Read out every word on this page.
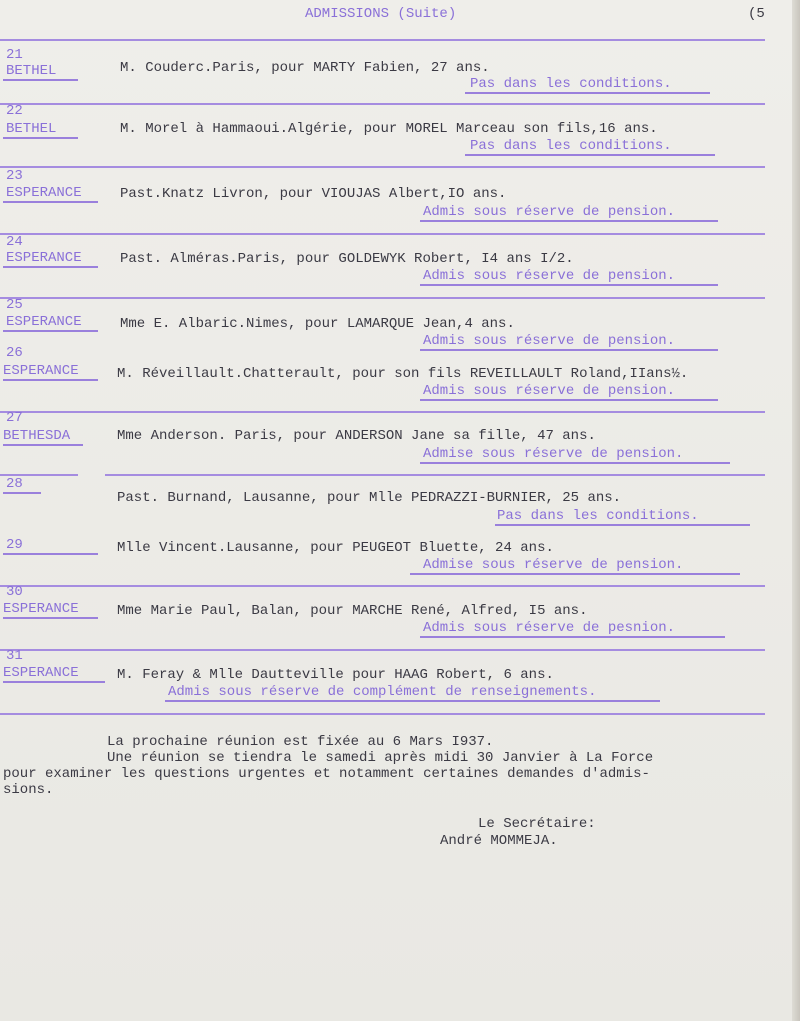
ADMISSIONS (Suite)	(5
21
BETHEL	M. Couderc.Paris, pour MARTY Fabien, 27 ans.
Pas dans les conditions.
22
BETHEL	M. Morel à Hammaoui.Algérie, pour MOREL Marceau son fils,16 ans.
Pas dans les conditions.
23
ESPERANCE	Past.Knatz Livron, pour VIOUJAS Albert,IO ans.
Admis sous réserve de pension.
24
ESPERANCE	Past. Alméras.Paris, pour GOLDEWYK Robert, I4 ans I/2.
Admis sous réserve de pension.
25
ESPERANCE	Mme E. Albaric.Nimes, pour LAMARQUE Jean,4 ans.
Admis sous réserve de pension.
26
ESPERANCE	M. Réveillault.Chatterault, pour son fils REVEILLAULT Roland,IIans½.
Admis sous réserve de pension.
27
BETHESDA	Mme Anderson. Paris, pour ANDERSON Jane sa fille, 47 ans.
Admise sous réserve de pension.
28
Past. Burnand, Lausanne, pour Mlle PEDRAZZI-BURNIER, 25 ans.
Pas dans les conditions.
29	Mlle Vincent.Lausanne, pour PEUGEOT Bluette, 24 ans.
Admise sous réserve de pension.
30
ESPERANCE	Mme Marie Paul, Balan, pour MARCHE René, Alfred, I5 ans.
Admis sous réserve de pesnion.
31
ESPERANCE	M. Feray & Mlle Dautteville pour HAAG Robert, 6 ans.
Admis sous réserve de complément de renseignements.
La prochaine réunion est fixée au 6 Mars I937.
Une réunion se tiendra le samedi après midi 30 Janvier à La Force
pour examiner les questions urgentes et notamment certaines demandes d'admis-
sions.
Le Secrétaire:
André MOMMEJA.
